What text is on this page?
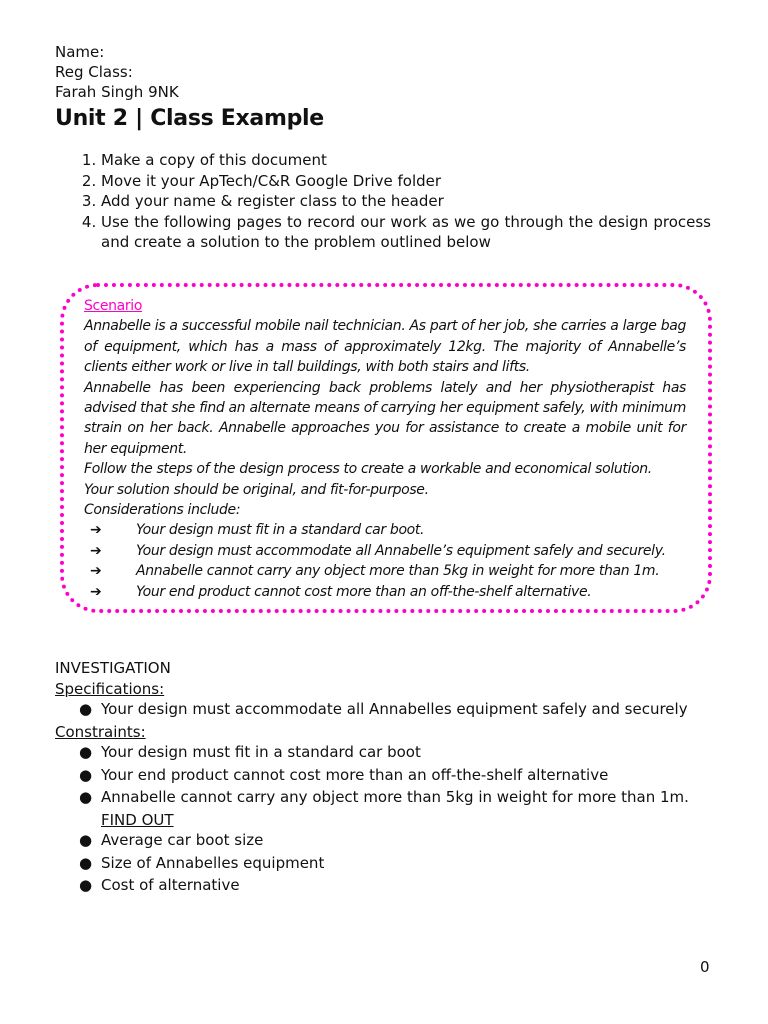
Name:
Reg Class:
Farah Singh 9NK
Unit 2 | Class Example
1. Make a copy of this document
2. Move it your ApTech/C&R Google Drive folder
3. Add your name & register class to the header
4. Use the following pages to record our work as we go through the design process and create a solution to the problem outlined below
Scenario

Annabelle is a successful mobile nail technician. As part of her job, she carries a large bag of equipment, which has a mass of approximately 12kg. The majority of Annabelle’s clients either work or live in tall buildings, with both stairs and lifts.

Annabelle has been experiencing back problems lately and her physiotherapist has advised that she find an alternate means of carrying her equipment safely, with minimum strain on her back. Annabelle approaches you for assistance to create a mobile unit for her equipment.

Follow the steps of the design process to create a workable and economical solution.

Your solution should be original, and fit-for-purpose.

Considerations include:

➔	Your design must fit in a standard car boot.
➔	Your design must accommodate all Annabelle’s equipment safely and securely.
➔	Annabelle cannot carry any object more than 5kg in weight for more than 1m.
➔	Your end product cannot cost more than an off-the-shelf alternative.
INVESTIGATION
Specifications:
● Your design must accommodate all Annabelles equipment safely and securely
Constraints:
● Your design must fit in a standard car boot
● Your end product cannot cost more than an off-the-shelf alternative
● Annabelle cannot carry any object more than 5kg in weight for more than 1m.
FIND OUT
● Average car boot size
● Size of Annabelles equipment
● Cost of alternative
0
